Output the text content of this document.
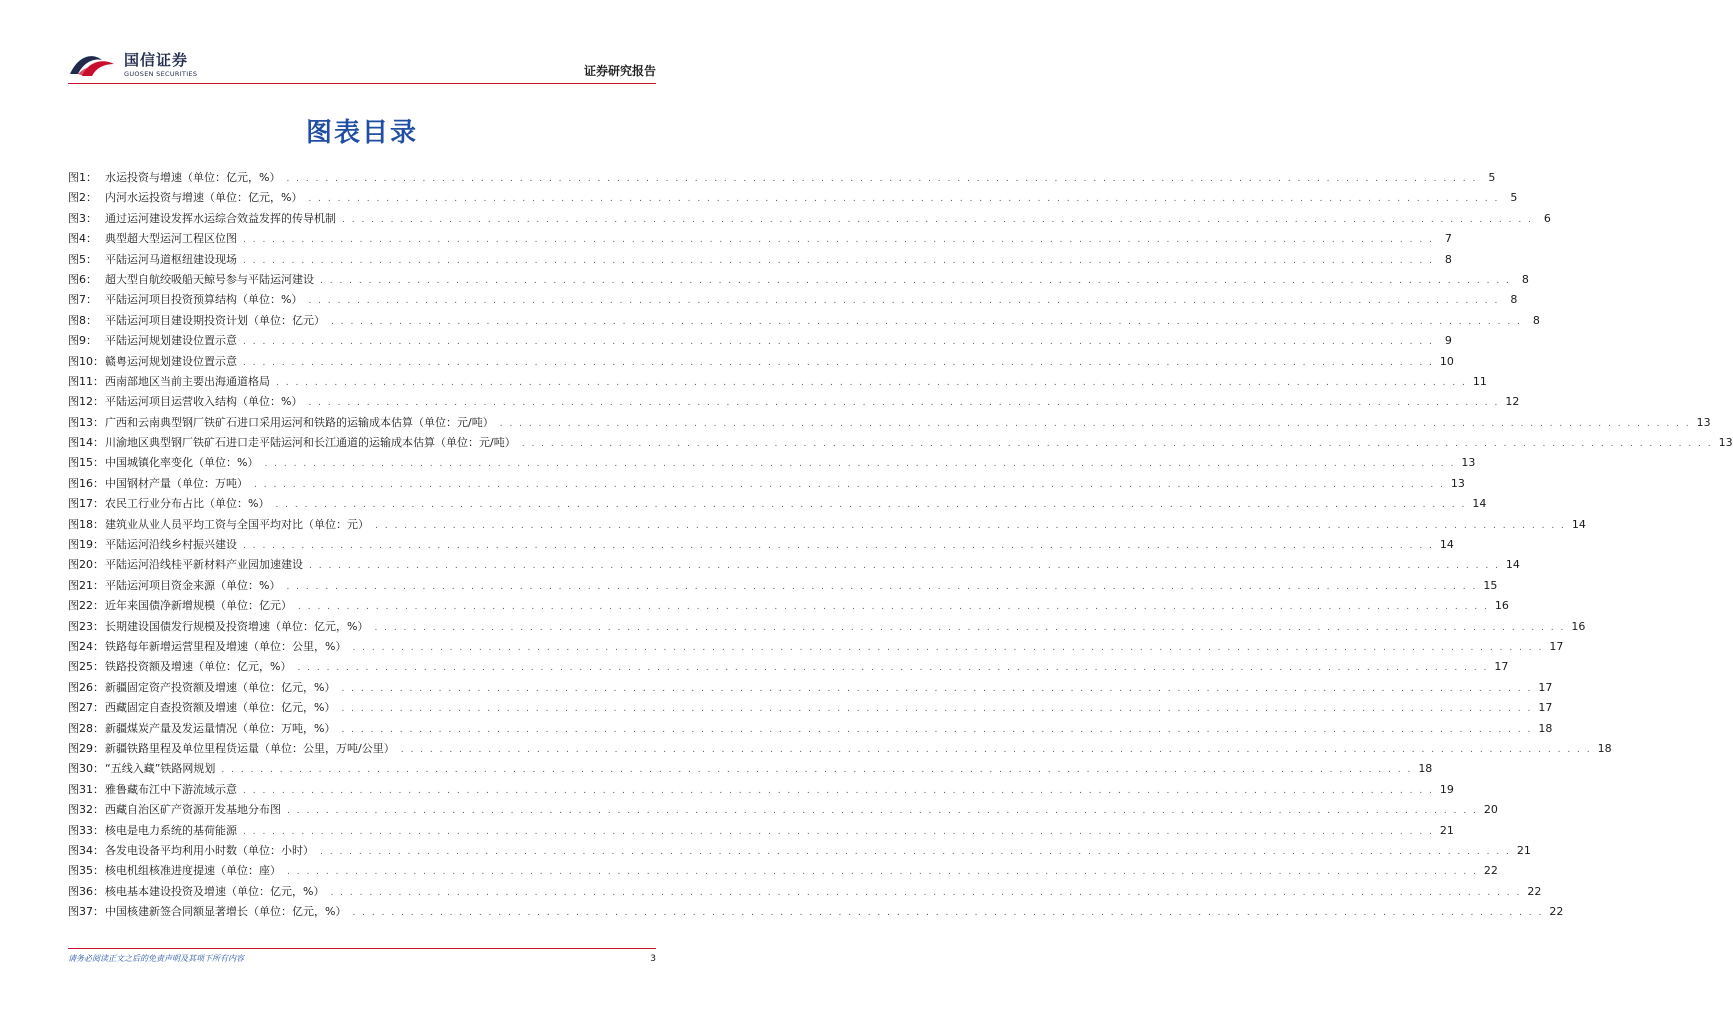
国信证券
GUOSEN SECURITIES	证券研究报告
图表目录
图1： 水运投资与增速（单位：亿元，%） . . .	5
图2： 内河水运投资与增速（单位：亿元，%） . . .	5
图3： 通过运河建设发挥水运综合效益发挥的传导机制 . . .	6
图4： 典型超大型运河工程区位图 . . .	7
图5： 平陆运河马道枢纽建设现场 . . .	8
图6： 超大型自航绞吸船天鲸号参与平陆运河建设 . . .	8
图7： 平陆运河项目投资预算结构（单位：%） . . .	8
图8： 平陆运河项目建设期投资计划（单位：亿元） . . .	8
图9： 平陆运河规划建设位置示意 . . .	9
图10： 赣粤运河规划建设位置示意 . . .	10
图11： 西南部地区当前主要出海通道格局 . . .	11
图12： 平陆运河项目运营收入结构（单位：%） . . .	12
图13： 广西和云南典型钢厂铁矿石进口采用运河和铁路的运输成本估算（单位：元/吨） . . .	13
图14： 川渝地区典型钢厂铁矿石进口走平陆运河和长江通道的运输成本估算（单位：元/吨） . . .	13
图15： 中国城镇化率变化（单位：%） . . .	13
图16： 中国钢材产量（单位：万吨） . . .	13
图17： 农民工行业分布占比（单位：%） . . .	14
图18： 建筑业从业人员平均工资与全国平均对比（单位：元） . . .	14
图19： 平陆运河沿线乡村振兴建设 . . .	14
图20： 平陆运河沿线桂平新材料产业园加速建设 . . .	14
图21： 平陆运河项目资金来源（单位：%） . . .	15
图22： 近年来国债净新增规模（单位：亿元） . . .	16
图23： 长期建设国债发行规模及投资增速（单位：亿元，%） . . .	16
图24： 铁路每年新增运营里程及增速（单位：公里，%） . . .	17
图25： 铁路投资额及增速（单位：亿元，%） . . .	17
图26： 新疆固定资产投资额及增速（单位：亿元，%） . . .	17
图27： 西藏固定自查投资额及增速（单位：亿元，%） . . .	17
图28： 新疆煤炭产量及发运量情况（单位：万吨，%） . . .	18
图29： 新疆铁路里程及单位里程货运量（单位：公里，万吨/公里） . . .	18
图30： “五线入藏”铁路网规划 . . .	18
图31： 雅鲁藏布江中下游流域示意 . . .	19
图32： 西藏自治区矿产资源开发基地分布图 . . .	20
图33： 核电是电力系统的基荷能源 . . .	21
图34： 各发电设备平均利用小时数（单位：小时） . . .	21
图35： 核电机组核准进度提速（单位：座） . . .	22
图36： 核电基本建设投资及增速（单位：亿元，%） . . .	22
图37： 中国核建新签合同额显著增长（单位：亿元，%） . . .	22
请务必阅读正文之后的免责声明及其项下所有内容	3
